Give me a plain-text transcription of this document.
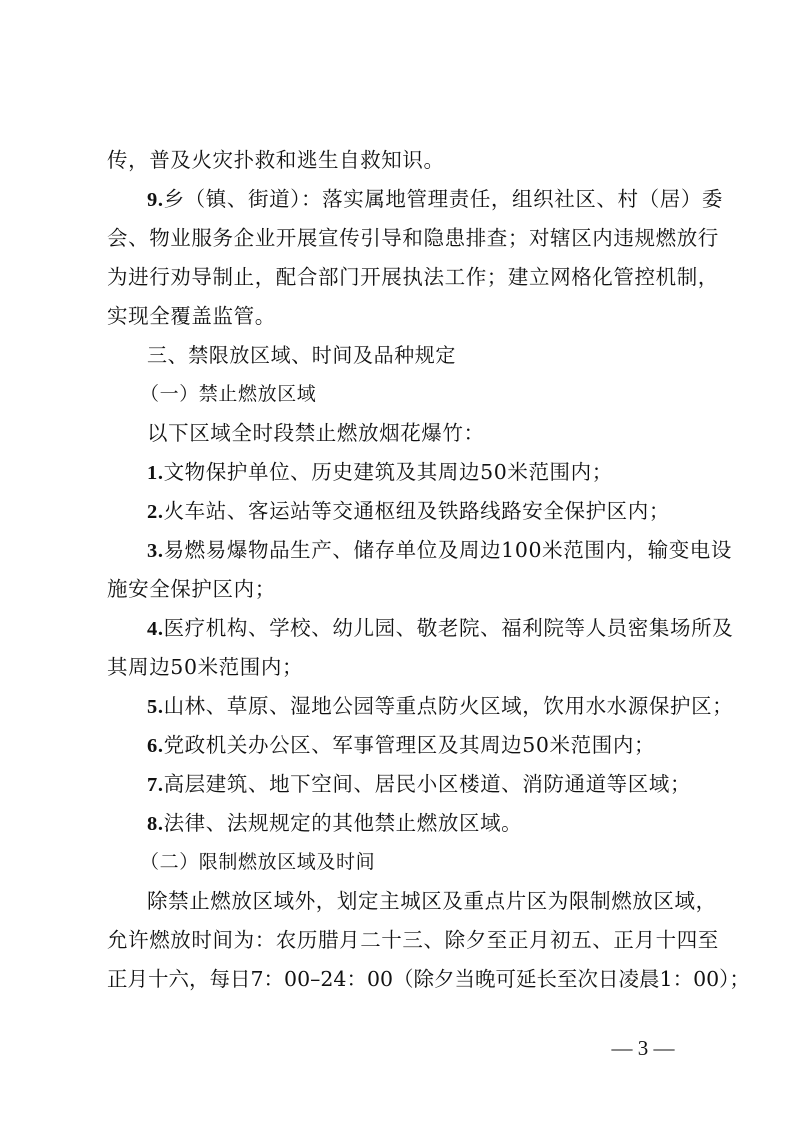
传，普及火灾扑救和逃生自救知识。
9.乡（镇、街道）：落实属地管理责任，组织社区、村（居）委
会、物业服务企业开展宣传引导和隐患排查；对辖区内违规燃放行
为进行劝导制止，配合部门开展执法工作；建立网格化管控机制，
实现全覆盖监管。
三、禁限放区域、时间及品种规定
（一）禁止燃放区域
以下区域全时段禁止燃放烟花爆竹：
1.文物保护单位、历史建筑及其周边50米范围内；
2.火车站、客运站等交通枢纽及铁路线路安全保护区内；
3.易燃易爆物品生产、储存单位及周边100米范围内，输变电设
施安全保护区内；
4.医疗机构、学校、幼儿园、敬老院、福利院等人员密集场所及
其周边50米范围内；
5.山林、草原、湿地公园等重点防火区域，饮用水水源保护区；
6.党政机关办公区、军事管理区及其周边50米范围内；
7.高层建筑、地下空间、居民小区楼道、消防通道等区域；
8.法律、法规规定的其他禁止燃放区域。
（二）限制燃放区域及时间
除禁止燃放区域外，划定主城区及重点片区为限制燃放区域，
允许燃放时间为：农历腊月二十三、除夕至正月初五、正月十四至
正月十六，每日7：00–24：00（除夕当晚可延长至次日凌晨1：00）；
— 3 —
